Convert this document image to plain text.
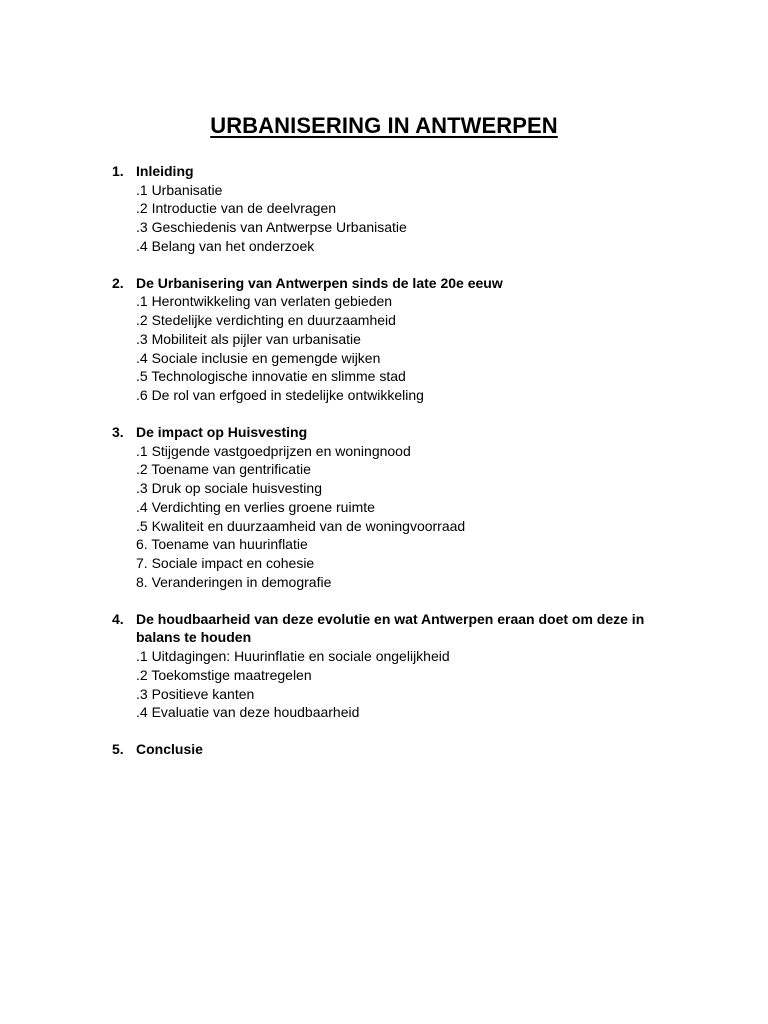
URBANISERING IN ANTWERPEN
1. Inleiding
.1 Urbanisatie
.2 Introductie van de deelvragen
.3 Geschiedenis van Antwerpse Urbanisatie
.4 Belang van het onderzoek
2. De Urbanisering van Antwerpen sinds de late 20e eeuw
.1 Herontwikkeling van verlaten gebieden
.2 Stedelijke verdichting en duurzaamheid
.3 Mobiliteit als pijler van urbanisatie
.4 Sociale inclusie en gemengde wijken
.5 Technologische innovatie en slimme stad
.6 De rol van erfgoed in stedelijke ontwikkeling
3. De impact op Huisvesting
.1 Stijgende vastgoedprijzen en woningnood
.2 Toename van gentrificatie
.3 Druk op sociale huisvesting
.4 Verdichting en verlies groene ruimte
.5 Kwaliteit en duurzaamheid van de woningvoorraad
6. Toename van huurinflatie
7. Sociale impact en cohesie
8. Veranderingen in demografie
4. De houdbaarheid van deze evolutie en wat Antwerpen eraan doet om deze in balans te houden
.1 Uitdagingen: Huurinflatie en sociale ongelijkheid
.2 Toekomstige maatregelen
.3 Positieve kanten
.4 Evaluatie van deze houdbaarheid
5. Conclusie
